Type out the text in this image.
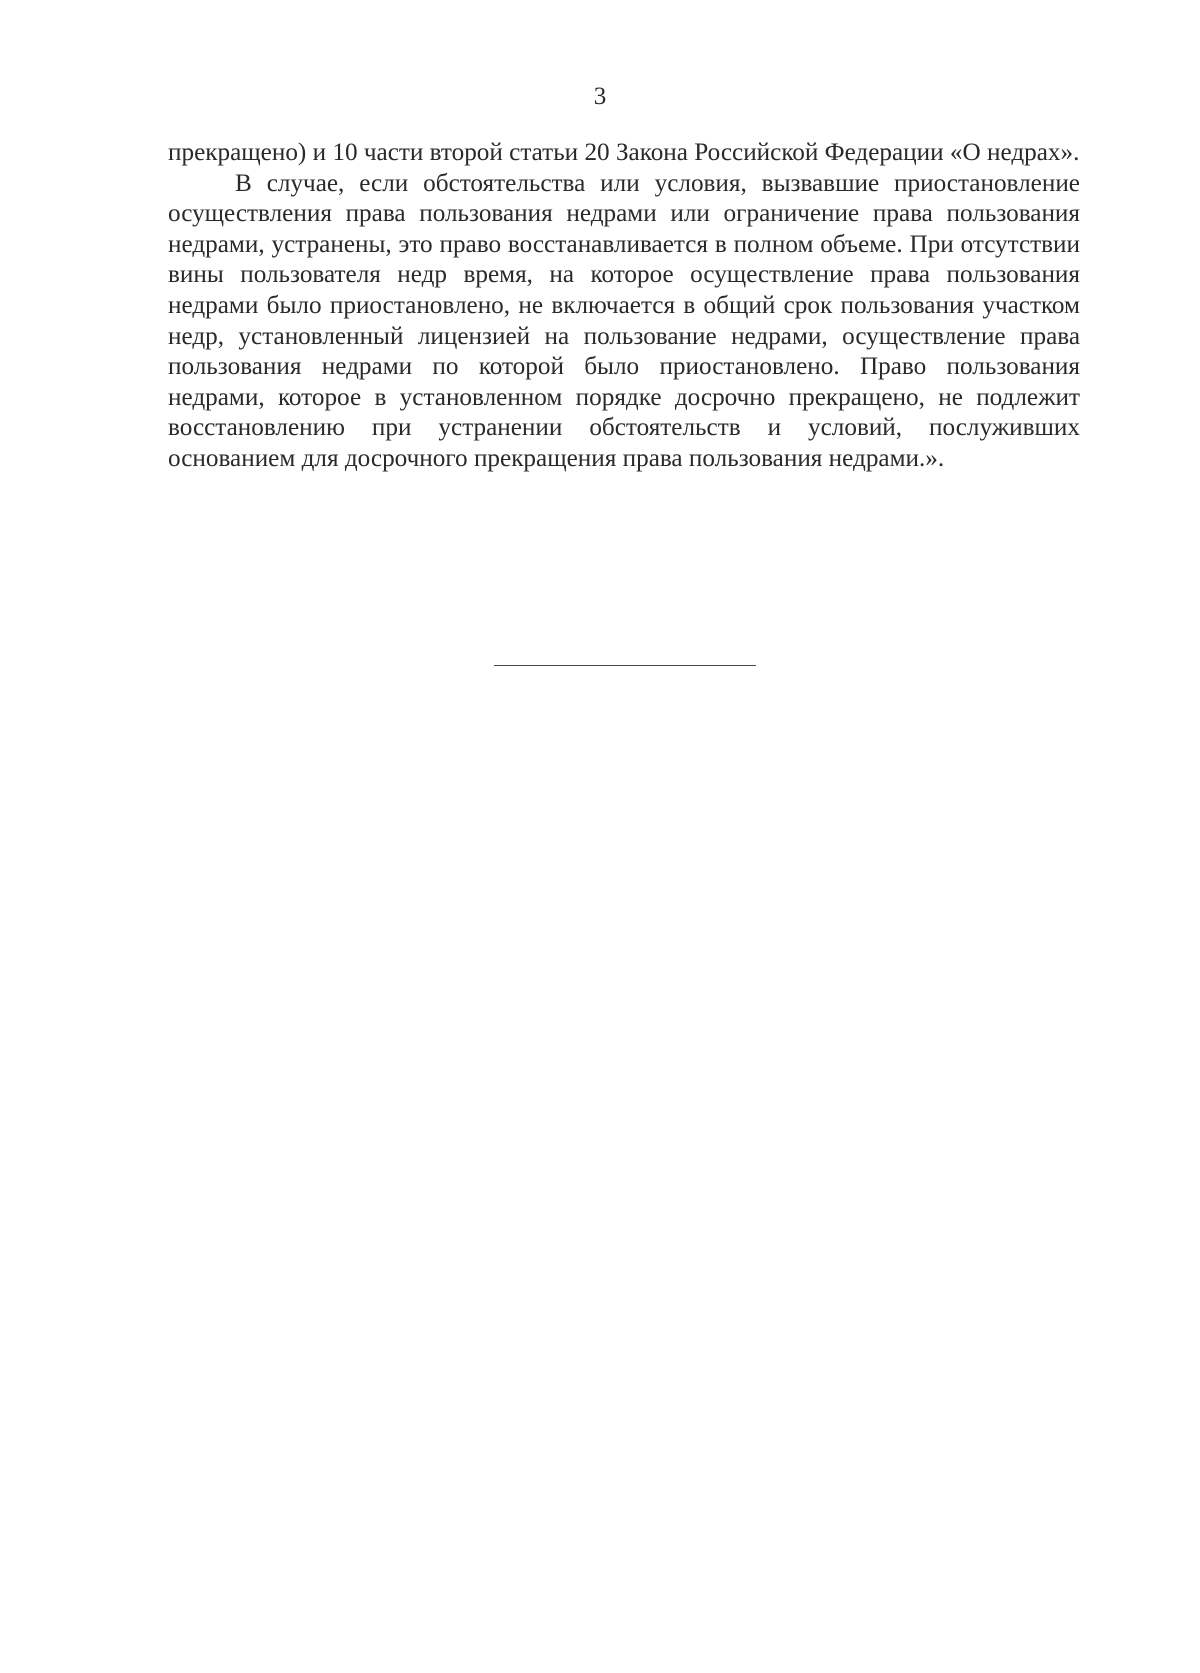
3

прекращено) и 10 части второй статьи 20 Закона Российской Федерации «О недрах».

В случае, если обстоятельства или условия, вызвавшие приостановление осуществления права пользования недрами или ограничение права пользования недрами, устранены, это право восстанавливается в полном объеме. При отсутствии вины пользователя недр время, на которое осуществление права пользования недрами было приостановлено, не включается в общий срок пользования участком недр, установленный лицензией на пользование недрами, осуществление права пользования недрами по которой было приостановлено. Право пользования недрами, которое в установленном порядке досрочно прекращено, не подлежит восстановлению при устранении обстоятельств и условий, послуживших основанием для досрочного прекращения права пользования недрами.».
